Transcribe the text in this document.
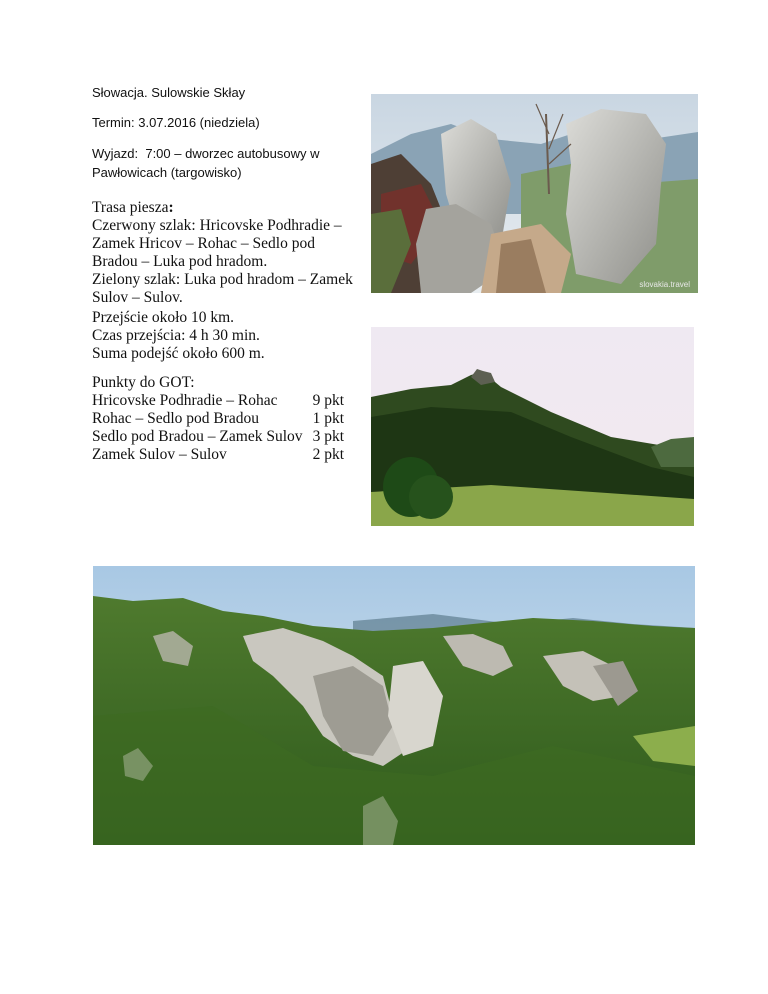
Słowacja. Sulowskie Skłay
Termin: 3.07.2016 (niedziela)
Wyjazd:  7:00 – dworzec autobusowy w
Pawłowicach (targowisko)
Trasa piesza:
Czerwony szlak: Hricovske Podhradie –
Zamek Hricov – Rohac – Sedlo pod
Bradou – Luka pod hradom.
Zielony szlak: Luka pod hradom – Zamek
Sulov – Sulov.
Przejście około 10 km.
Czas przejścia: 4 h 30 min.
Suma podejść około 600 m.
Punkty do GOT:
Hricovske Podhradie – Rohac 9 pkt
Rohac – Sedlo pod Bradou	1 pkt
Sedlo pod Bradou – Zamek Sulov 3 pkt
Zamek Sulov – Sulov	2 pkt
slovakia.travel
